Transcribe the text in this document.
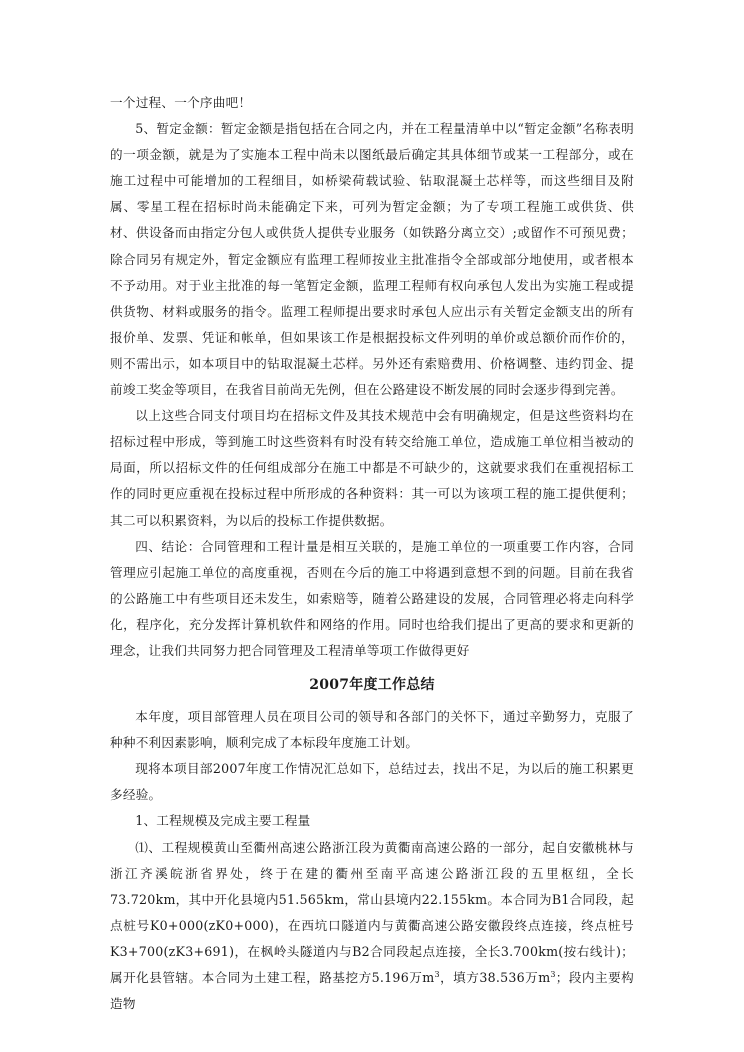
一个过程、一个序曲吧！

5、暂定金额：暂定金额是指包括在合同之内，并在工程量清单中以“暂定金额”名称表明的一项金额，就是为了实施本工程中尚未以图纸最后确定其具体细节或某一工程部分，或在施工过程中可能增加的工程细目，如桥梁荷载试验、钻取混凝土芯样等，而这些细目及附属、零星工程在招标时尚未能确定下来，可列为暂定金额；为了专项工程施工或供货、供材、供设备而由指定分包人或供货人提供专业服务（如铁路分离立交）;或留作不可预见费；除合同另有规定外，暂定金额应有监理工程师按业主批准指令全部或部分地使用，或者根本不予动用。对于业主批准的每一笔暂定金额，监理工程师有权向承包人发出为实施工程或提供货物、材料或服务的指令。监理工程师提出要求时承包人应出示有关暂定金额支出的所有报价单、发票、凭证和帐单，但如果该工作是根据投标文件列明的单价或总额价而作价的，则不需出示，如本项目中的钻取混凝土芯样。另外还有索赔费用、价格调整、违约罚金、提前竣工奖金等项目，在我省目前尚无先例，但在公路建设不断发展的同时会逐步得到完善。

以上这些合同支付项目均在招标文件及其技术规范中会有明确规定，但是这些资料均在招标过程中形成，等到施工时这些资料有时没有转交给施工单位，造成施工单位相当被动的局面，所以招标文件的任何组成部分在施工中都是不可缺少的，这就要求我们在重视招标工作的同时更应重视在投标过程中所形成的各种资料：其一可以为该项工程的施工提供便利；其二可以积累资料，为以后的投标工作提供数据。

四、结论：合同管理和工程计量是相互关联的，是施工单位的一项重要工作内容，合同管理应引起施工单位的高度重视，否则在今后的施工中将遇到意想不到的问题。目前在我省的公路施工中有些项目还未发生，如索赔等，随着公路建设的发展，合同管理必将走向科学化，程序化，充分发挥计算机软件和网络的作用。同时也给我们提出了更高的要求和更新的理念，让我们共同努力把合同管理及工程清单等项工作做得更好

2007年度工作总结

本年度，项目部管理人员在项目公司的领导和各部门的关怀下，通过辛勤努力，克服了种种不利因素影响，顺利完成了本标段年度施工计划。

现将本项目部2007年度工作情况汇总如下，总结过去，找出不足，为以后的施工积累更多经验。

1、工程规模及完成主要工程量

⑴、工程规模黄山至衢州高速公路浙江段为黄衢南高速公路的一部分，起自安徽桃林与浙江齐溪皖浙省界处，终于在建的衢州至南平高速公路浙江段的五里枢纽，全长73.720km，其中开化县境内51.565km，常山县境内22.155km。本合同为B1合同段，起点桩号K0+000(zK0+000)，在西坑口隧道内与黄衢高速公路安徽段终点连接，终点桩号K3+700(zK3+691)，在枫岭头隧道内与B2合同段起点连接，全长3.700km(按右线计)；属开化县管辖。本合同为土建工程，路基挖方5.196万$m^3$，填方38.536万$m^3$；段内主要构造物
